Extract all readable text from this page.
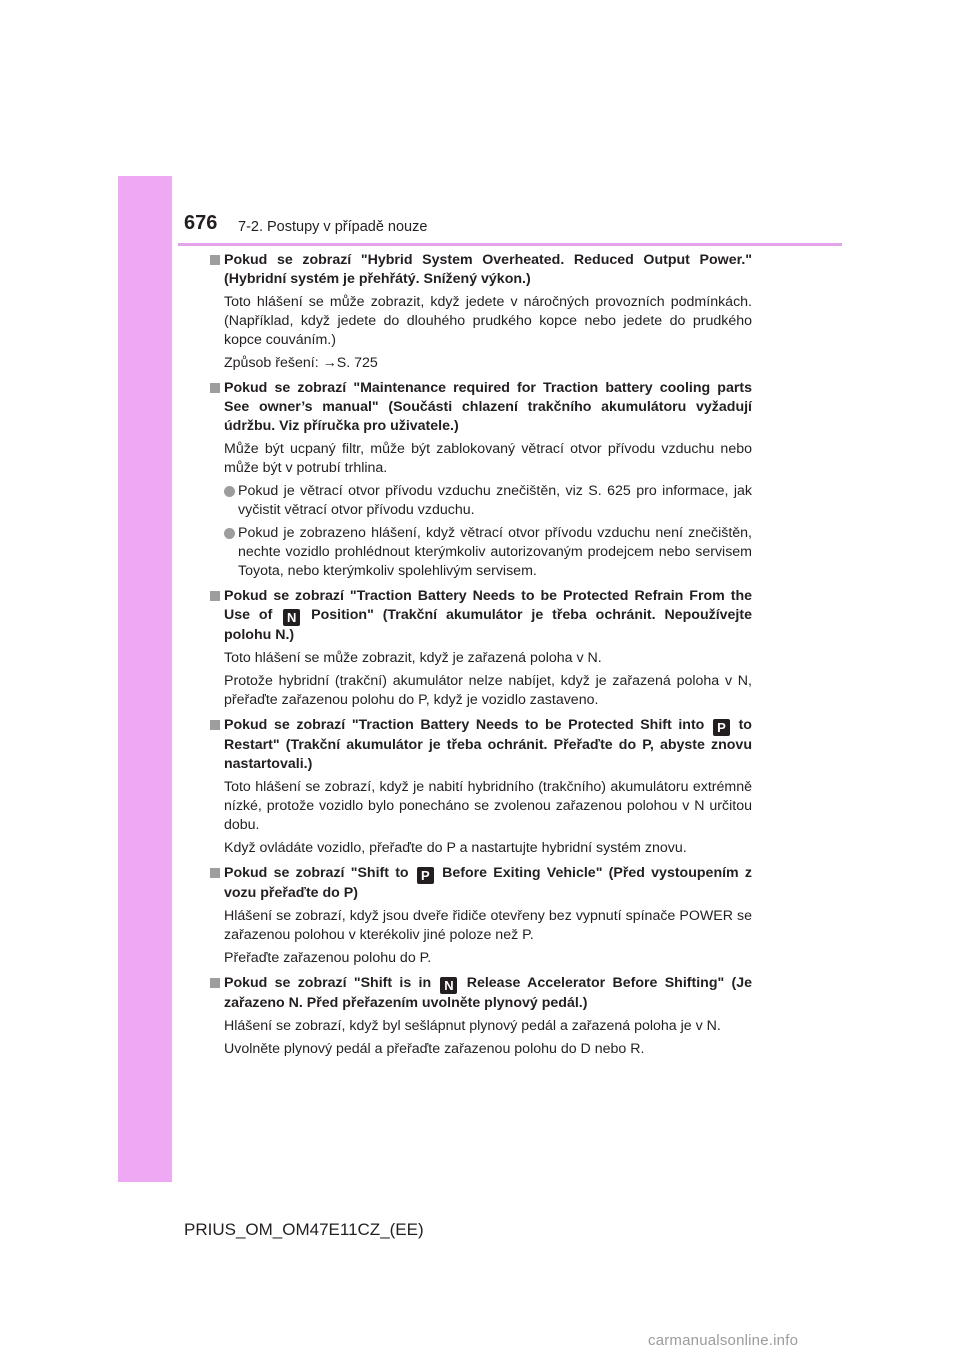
676 7-2. Postupy v případě nouze
Pokud se zobrazí "Hybrid System Overheated. Reduced Output Power." (Hybridní systém je přehřátý. Snížený výkon.)
Toto hlášení se může zobrazit, když jedete v náročných provozních podmínkách. (Například, když jedete do dlouhého prudkého kopce nebo jedete do prudkého kopce couváním.)
Způsob řešení: →S. 725
Pokud se zobrazí "Maintenance required for Traction battery cooling parts See owner’s manual" (Součásti chlazení trakčního akumulátoru vyžadují údržbu. Viz příručka pro uživatele.)
Může být ucpaný filtr, může být zablokovaný větrací otvor přívodu vzduchu nebo může být v potrubí trhlina.
Pokud je větrací otvor přívodu vzduchu znečištěn, viz S. 625 pro informace, jak vyčistit větrací otvor přívodu vzduchu.
Pokud je zobrazeno hlášení, když větrací otvor přívodu vzduchu není znečištěn, nechte vozidlo prohlédnout kterýmkoliv autorizovaným prodejcem nebo servisem Toyota, nebo kterýmkoliv spolehlivým servisem.
Pokud se zobrazí "Traction Battery Needs to be Protected Refrain From the Use of N Position" (Trakční akumulátor je třeba ochránit. Nepoužívejte polohu N.)
Toto hlášení se může zobrazit, když je zařazená poloha v N.
Protože hybridní (trakční) akumulátor nelze nabíjet, když je zařazená poloha v N, přeřaďte zařazenou polohu do P, když je vozidlo zastaveno.
Pokud se zobrazí "Traction Battery Needs to be Protected Shift into P to Restart" (Trakční akumulátor je třeba ochránit. Přeřaďte do P, abyste znovu nastartovali.)
Toto hlášení se zobrazí, když je nabití hybridního (trakčního) akumulátoru extrémně nízké, protože vozidlo bylo ponecháno se zvolenou zařazenou polohou v N určitou dobu.
Když ovládáte vozidlo, přeřaďte do P a nastartujte hybridní systém znovu.
Pokud se zobrazí "Shift to P Before Exiting Vehicle" (Před vystoupením z vozu přeřaďte do P)
Hlášení se zobrazí, když jsou dveře řidiče otevřeny bez vypnutí spínače POWER se zařazenou polohou v kterékoliv jiné poloze než P.
Přeřaďte zařazenou polohu do P.
Pokud se zobrazí "Shift is in N Release Accelerator Before Shifting" (Je zařazeno N. Před přeřazením uvolněte plynový pedál.)
Hlášení se zobrazí, když byl sešlápnut plynový pedál a zařazená poloha je v N.
Uvolněte plynový pedál a přeřaďte zařazenou polohu do D nebo R.
PRIUS_OM_OM47E11CZ_(EE)
carmanualsonline.info
